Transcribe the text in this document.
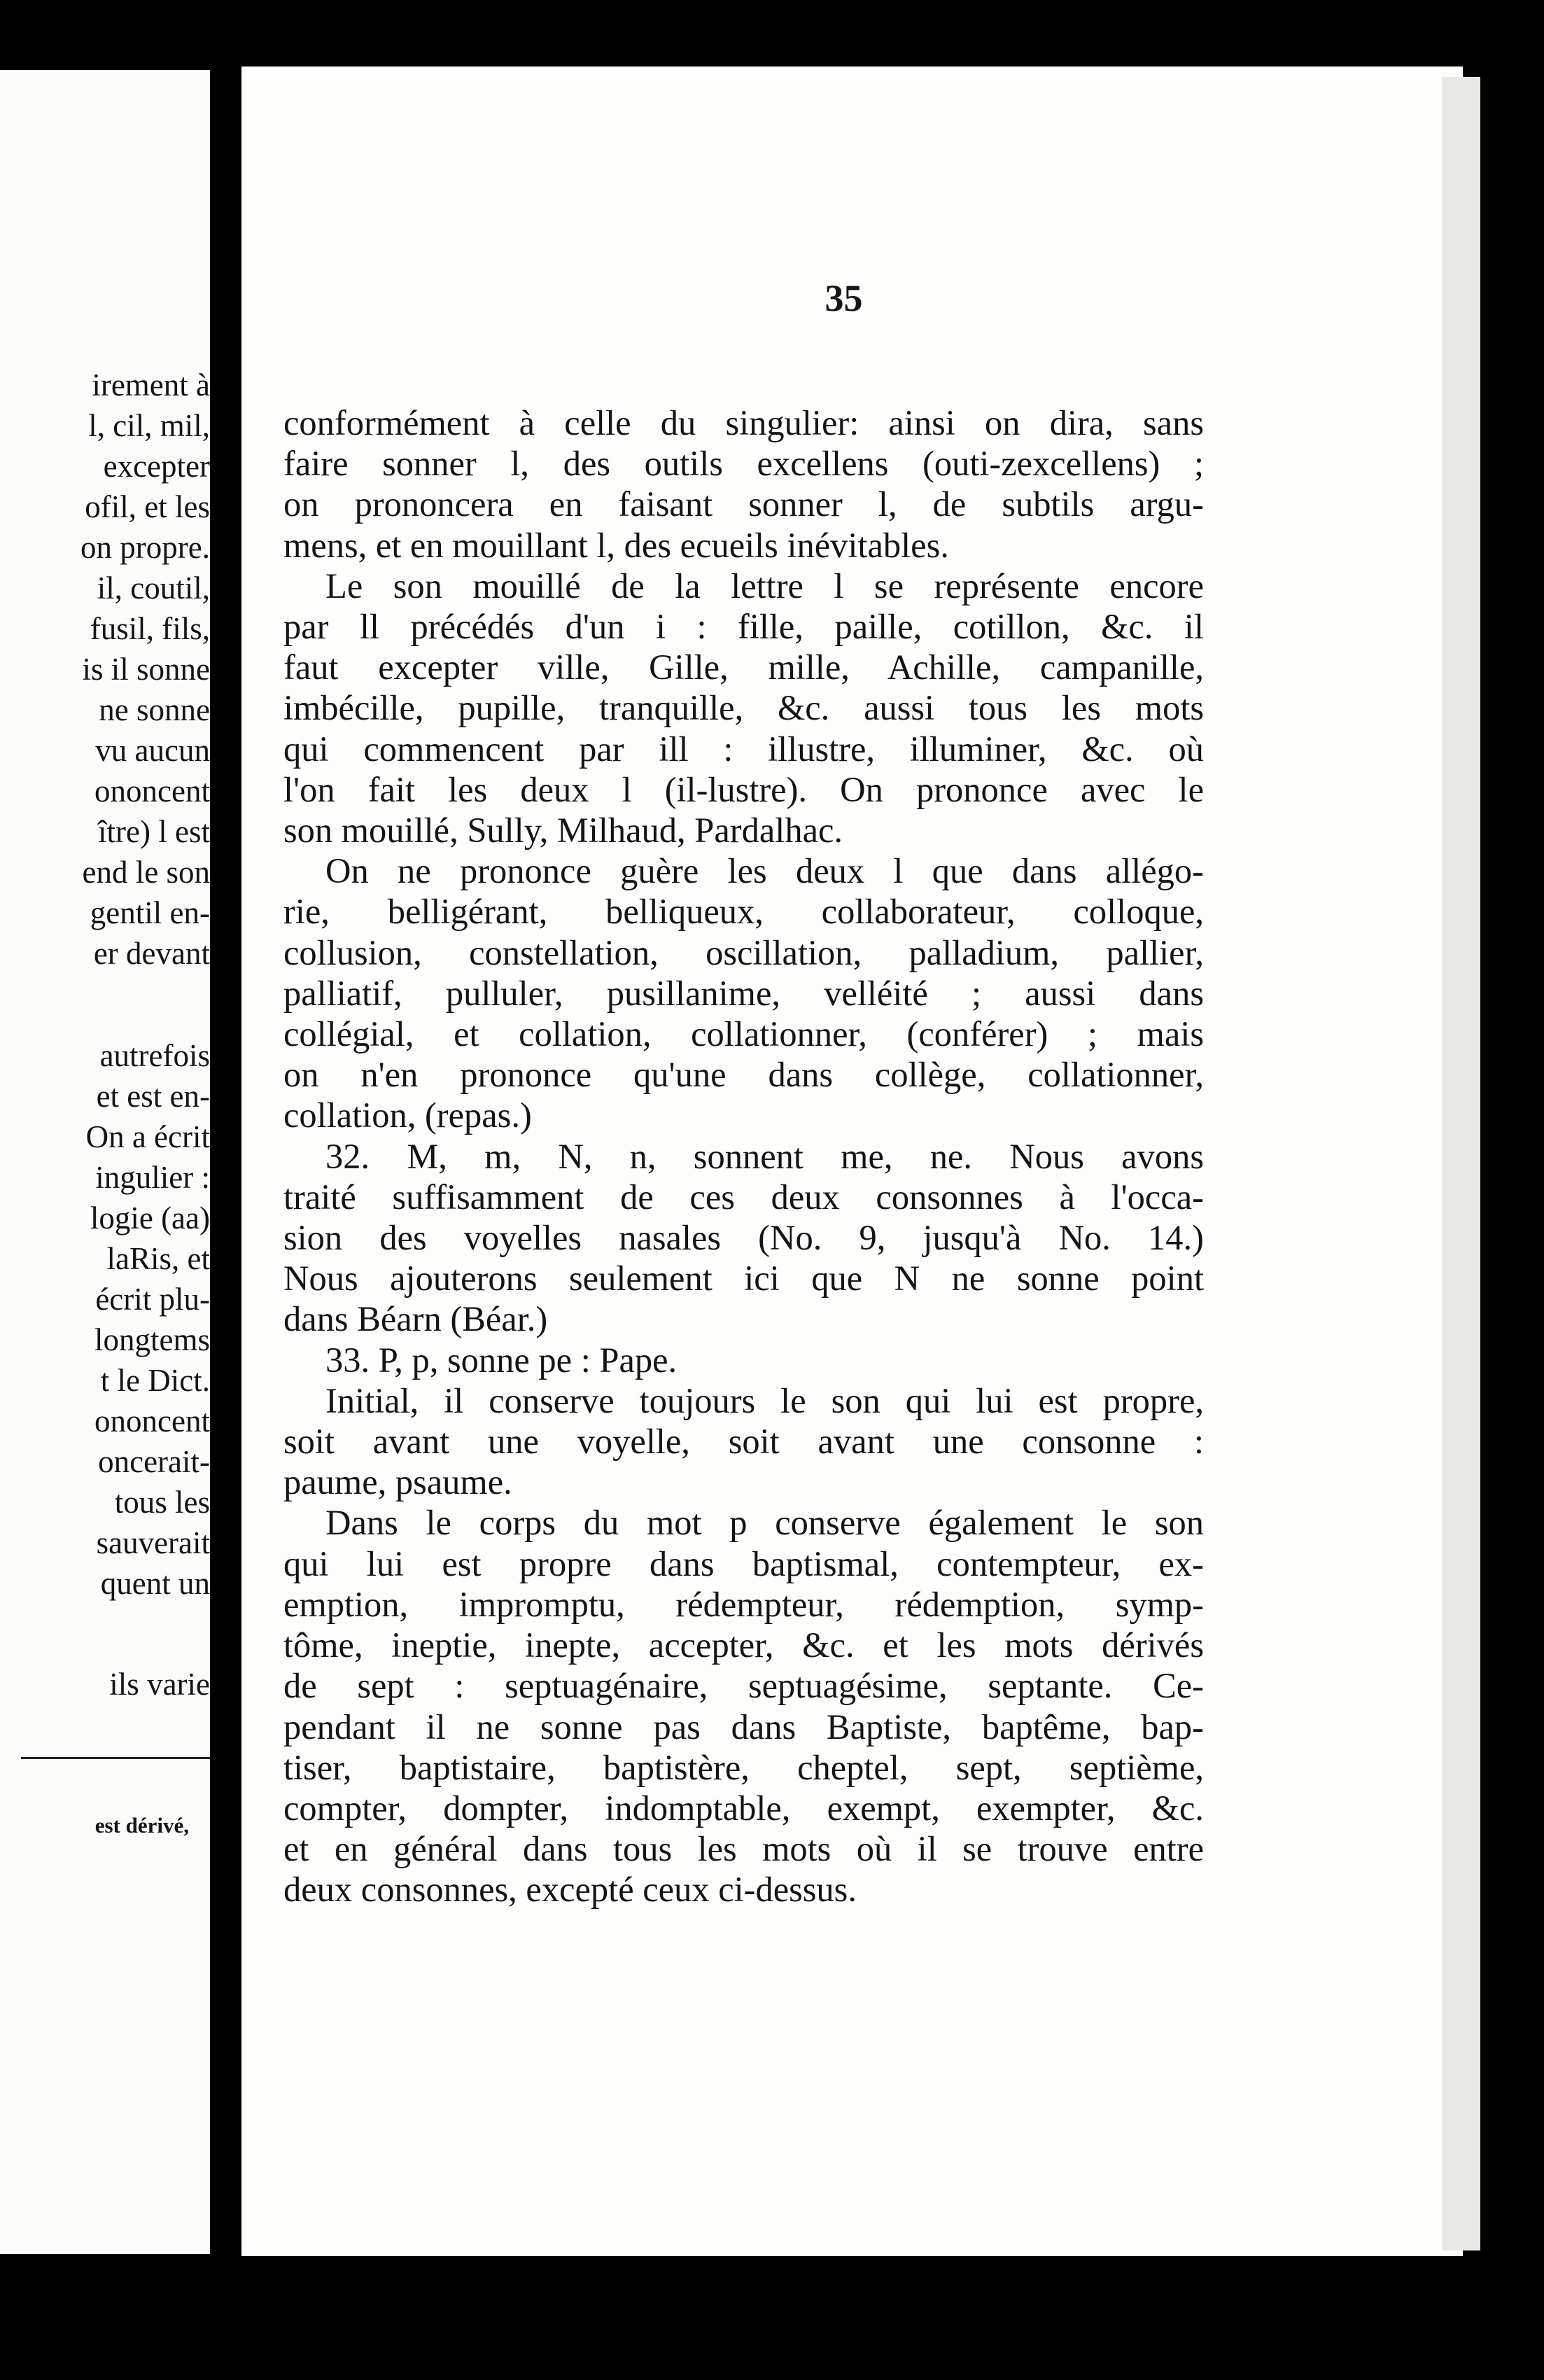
irement à
l, cil, mil,
excepter
ofil, et les
on propre.
il, coutil,
fusil, fils,
is il sonne
ne sonne
vu aucun
ononcent
ître) l est
end le son
gentil en-
er devant
autrefois
et est en-
On a écrit
ingulier :
logie (aa)
laRis, et
écrit plu-
longtems
t le Dict.
ononcent
oncerait-
tous les
sauverait
quent un
ils varie
est dérivé,
35
conformément à celle du singulier: ainsi on dira, sans
faire sonner l, des outils excellens (outi-zexcellens) ;
on prononcera en faisant sonner l, de subtils argu-
mens, et en mouillant l, des ecueils inévitables.
Le son mouillé de la lettre l se représente encore
par ll précédés d'un i : fille, paille, cotillon, &c. il
faut excepter ville, Gille, mille, Achille, campanille,
imbécille, pupille, tranquille, &c. aussi tous les mots
qui commencent par ill : illustre, illuminer, &c. où
l'on fait les deux l (il-lustre). On prononce avec le
son mouillé, Sully, Milhaud, Pardalhac.
On ne prononce guère les deux l que dans allégo-
rie, belligérant, belliqueux, collaborateur, colloque,
collusion, constellation, oscillation, palladium, pallier,
palliatif, pulluler, pusillanime, velléité ; aussi dans
collégial, et collation, collationner, (conférer) ; mais
on n'en prononce qu'une dans collège, collationner,
collation, (repas.)
32. M, m, N, n, sonnent me, ne. Nous avons
traité suffisamment de ces deux consonnes à l'occa-
sion des voyelles nasales (No. 9, jusqu'à No. 14.)
Nous ajouterons seulement ici que N ne sonne point
dans Béarn (Béar.)
33. P, p, sonne pe : Pape.
Initial, il conserve toujours le son qui lui est propre,
soit avant une voyelle, soit avant une consonne :
paume, psaume.
Dans le corps du mot p conserve également le son
qui lui est propre dans baptismal, contempteur, ex-
emption, impromptu, rédempteur, rédemption, symp-
tôme, ineptie, inepte, accepter, &c. et les mots dérivés
de sept : septuagénaire, septuagésime, septante. Ce-
pendant il ne sonne pas dans Baptiste, baptême, bap-
tiser, baptistaire, baptistère, cheptel, sept, septième,
compter, dompter, indomptable, exempt, exempter, &c.
et en général dans tous les mots où il se trouve entre
deux consonnes, excepté ceux ci-dessus.
